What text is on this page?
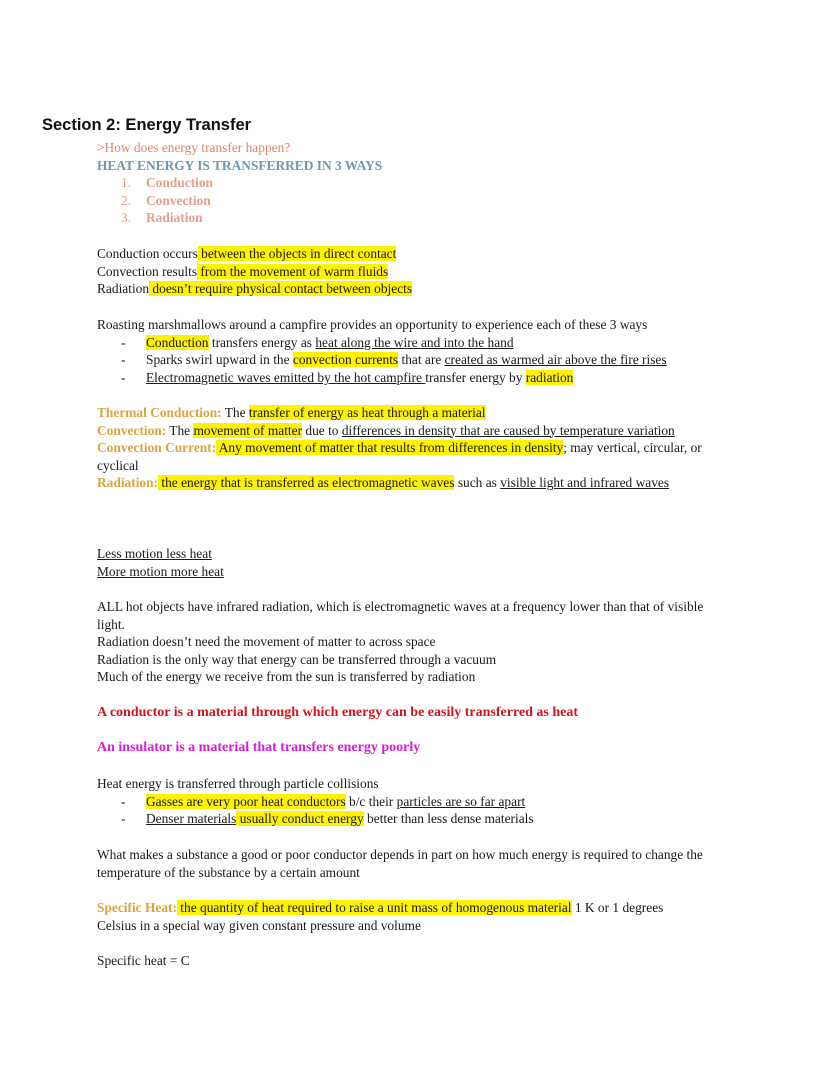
Section 2: Energy Transfer

>How does energy transfer happen?

HEAT ENERGY IS TRANSFERRED IN 3 WAYS

1. Conduction
2. Convection
3. Radiation

Conduction occurs between the objects in direct contact

Convection results from the movement of warm fluids

Radiation doesn’t require physical contact between objects

Roasting marshmallows around a campfire provides an opportunity to experience each of these 3 ways

- Conduction transfers energy as heat along the wire and into the hand
- Sparks swirl upward in the convection currents that are created as warmed air above the fire rises
- Electromagnetic waves emitted by the hot campfire transfer energy by radiation

Thermal Conduction: The transfer of energy as heat through a material

Convection: The movement of matter due to differences in density that are caused by temperature variation

Convection Current: Any movement of matter that results from differences in density; may vertical, circular, or cyclical

Radiation: the energy that is transferred as electromagnetic waves such as visible light and infrared waves

Less motion less heat

More motion more heat

ALL hot objects have infrared radiation, which is electromagnetic waves at a frequency lower than that of visible light.

Radiation doesn’t need the movement of matter to across space

Radiation is the only way that energy can be transferred through a vacuum

Much of the energy we receive from the sun is transferred by radiation

A conductor is a material through which energy can be easily transferred as heat

An insulator is a material that transfers energy poorly

Heat energy is transferred through particle collisions

- Gasses are very poor heat conductors b/c their particles are so far apart
- Denser materials usually conduct energy better than less dense materials

What makes a substance a good or poor conductor depends in part on how much energy is required to change the temperature of the substance by a certain amount

Specific Heat: the quantity of heat required to raise a unit mass of homogenous material 1 K or 1 degrees Celsius in a special way given constant pressure and volume

Specific heat = C
